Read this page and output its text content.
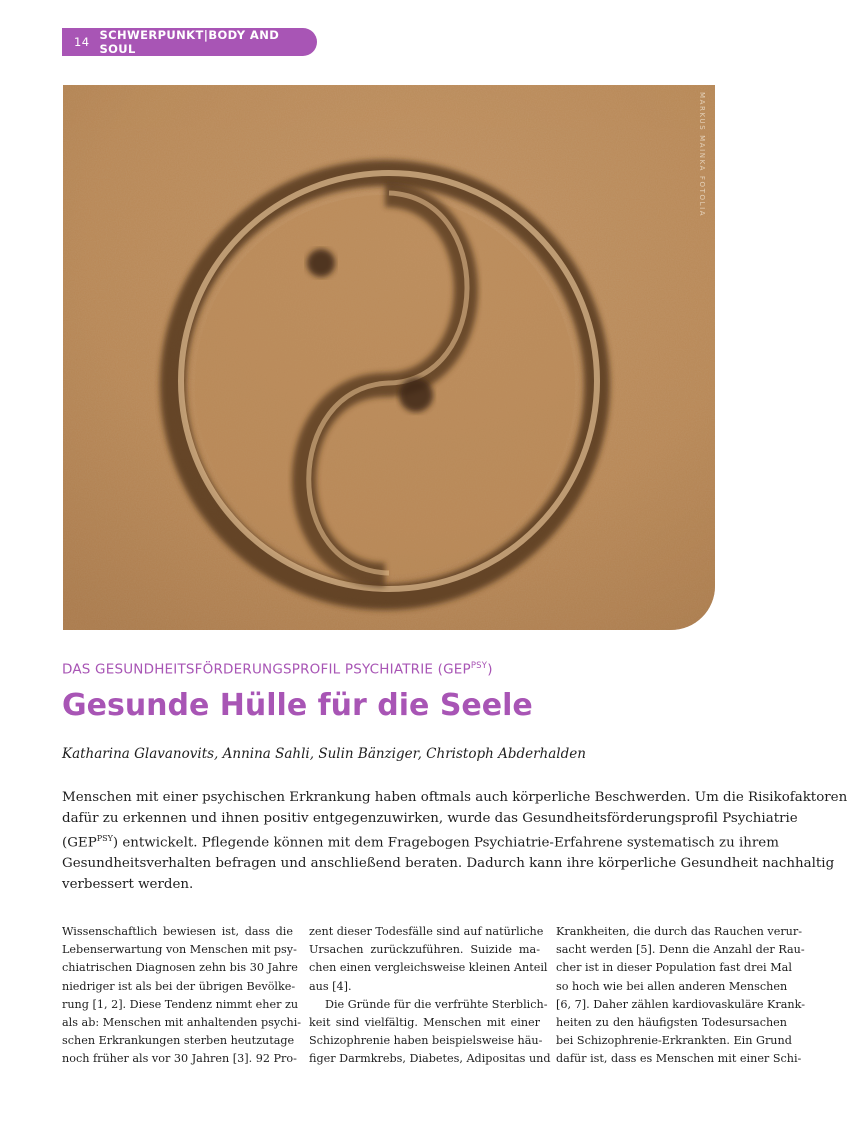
14 SCHWERPUNKT|BODY AND SOUL
MARKUS MAINKA FOTOLIA
DAS GESUNDHEITSFÖRDERUNGSPROFIL PSYCHIATRIE $(GEP^{PSY})$
Gesunde Hülle für die Seele
Katharina Glavanovits, Annina Sahli, Sulin Bänziger, Christoph Abderhalden
Menschen mit einer psychischen Erkrankung haben oftmals auch körperliche Beschwerden. Um die Risikofaktoren
dafür zu erkennen und ihnen positiv entgegenzuwirken, wurde das Gesundheitsförderungsprofil Psychiatrie
$(GEP^{PSY})$ entwickelt. Pflegende können mit dem Fragebogen Psychiatrie-Erfahrene systematisch zu ihrem
Gesundheitsverhalten befragen und anschließend beraten. Dadurch kann ihre körperliche Gesundheit nachhaltig
verbessert werden.
Wissenschaftlich bewiesen ist, dass die
Lebenserwartung von Menschen mit psy-
chiatrischen Diagnosen zehn bis 30 Jahre
niedriger ist als bei der übrigen Bevölke-
rung [1, 2]. Diese Tendenz nimmt eher zu
als ab: Menschen mit anhaltenden psychi-
schen Erkrankungen sterben heutzutage
noch früher als vor 30 Jahren [3]. 92 Pro-
zent dieser Todesfälle sind auf natürliche
Ursachen zurückzuführen. Suizide ma-
chen einen vergleichsweise kleinen Anteil
aus [4].
Die Gründe für die verfrühte Sterblich-
keit sind vielfältig. Menschen mit einer
Schizophrenie haben beispielsweise häu-
figer Darmkrebs, Diabetes, Adipositas und
Krankheiten, die durch das Rauchen verur-
sacht werden [5]. Denn die Anzahl der Rau-
cher ist in dieser Population fast drei Mal
so hoch wie bei allen anderen Menschen
[6, 7]. Daher zählen kardiovaskuläre Krank-
heiten zu den häufigsten Todesursachen
bei Schizophrenie-Erkrankten. Ein Grund
dafür ist, dass es Menschen mit einer Schi-
